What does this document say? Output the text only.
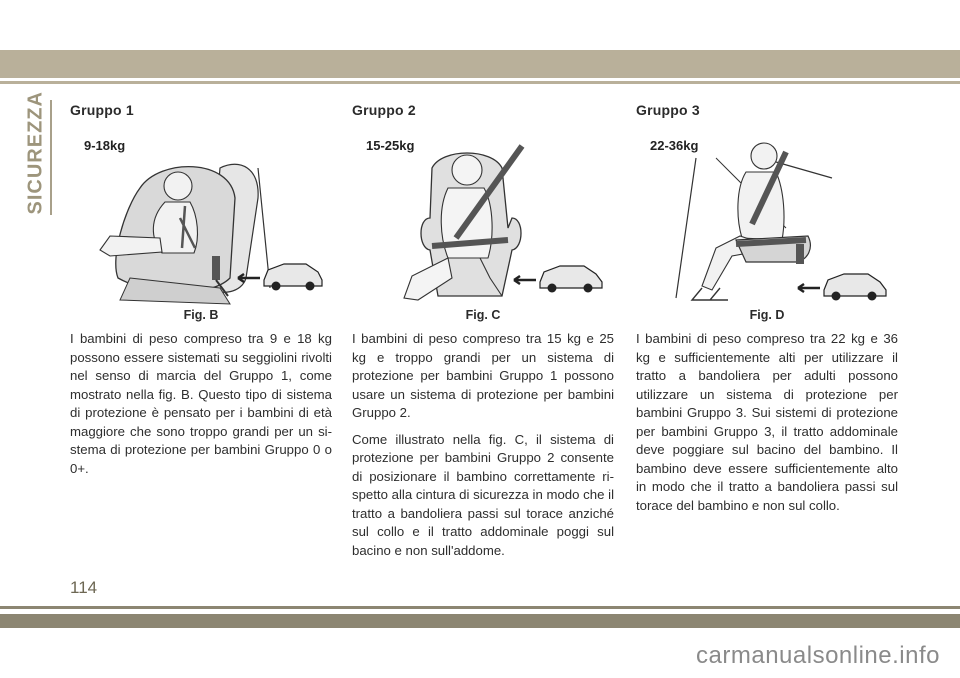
SICUREZZA Gruppo 1
9-18kg
Fig. B

I bambini di peso compreso tra 9 e 18 kg possono essere sistemati su seggiolini rivolti nel senso di marcia del Gruppo 1, come mostrato nella fig. B. Questo tipo di sistema di protezione è pensato per i bambini di età maggiore che sono troppo grandi per un si-stema di protezione per bambini Gruppo 0 o 0+.

Gruppo 2
15-25kg
Fig. C

I bambini di peso compreso tra 15 kg e 25 kg e troppo grandi per un sistema di protezione per bambini Gruppo 1 possono usare un sistema di protezione per bambini Gruppo 2.

Come illustrato nella fig. C, il sistema di protezione per bambini Gruppo 2 consente di posizionare il bambino correttamente ri-spetto alla cintura di sicurezza in modo che il tratto a bandoliera passi sul torace anziché sul collo e il tratto addominale poggi sul bacino e non sull'addome.

Gruppo 3
22-36kg
Fig. D

I bambini di peso compreso tra 22 kg e 36 kg e sufficientemente alti per utilizzare il tratto a bandoliera per adulti possono utilizzare un sistema di protezione per bambini Gruppo 3. Sui sistemi di protezione per bambini Gruppo 3, il tratto addominale deve poggiare sul bacino del bambino. Il bambino deve essere sufficientemente alto in modo che il tratto a bandoliera passi sul torace del bambino e non sul collo.

114
carmanualsonline.info
